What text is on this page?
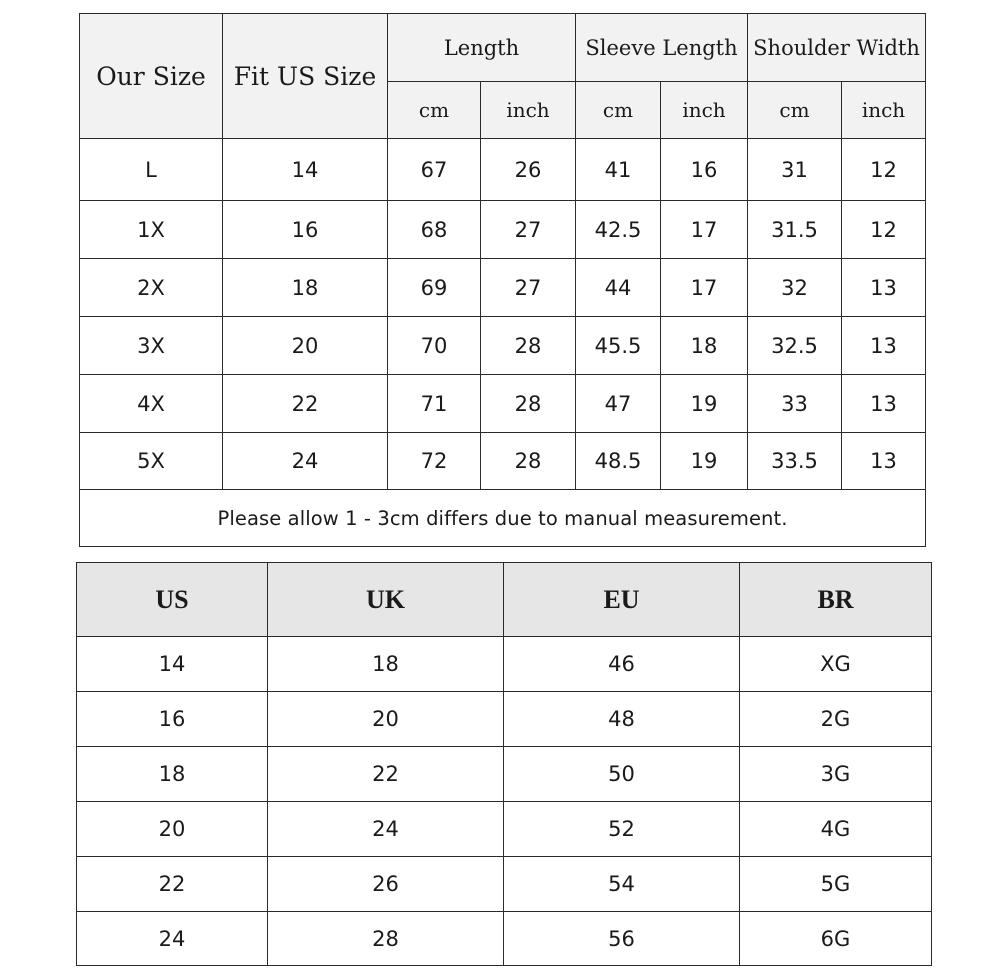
Our Size	Fit US Size	Length		Sleeve Length		Shoulder Width	
		cm	inch	cm	inch	cm	inch
L	14	67	26	41	16	31	12
1X	16	68	27	42.5	17	31.5	12
2X	18	69	27	44	17	32	13
3X	20	70	28	45.5	18	32.5	13
4X	22	71	28	47	19	33	13
5X	24	72	28	48.5	19	33.5	13
Please allow 1 - 3cm differs due to manual measurement.							
US	UK	EU	BR
14	18	46	XG
16	20	48	2G
18	22	50	3G
20	24	52	4G
22	26	54	5G
24	28	56	6G
